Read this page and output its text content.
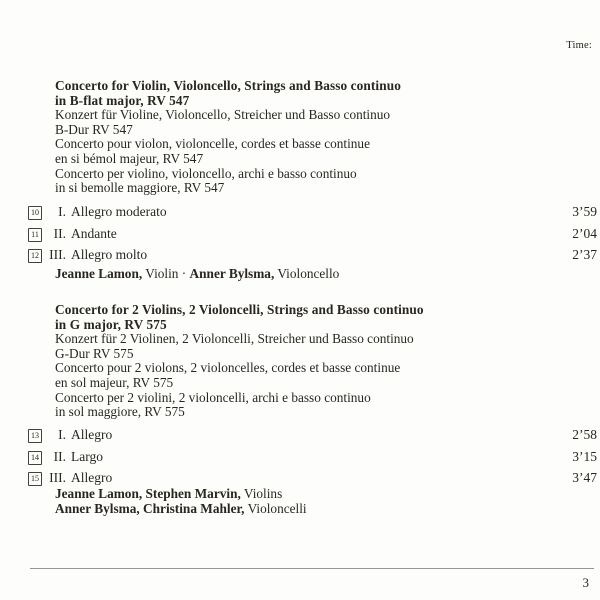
Time:

Concerto for Violin, Violoncello, Strings and Basso continuo

in B-flat major, RV 547

Konzert für Violine, Violoncello, Streicher und Basso continuo

B-Dur RV 547

Concerto pour violon, violoncelle, cordes et basse continue

en si bémol majeur, RV 547

Concerto per violino, violoncello, archi e basso continuo

in si bemolle maggiore, RV 547

10	I. Allegro moderato	3’59
11	II. Andante	2’04
12 III. Allegro molto	2’37

Jeanne Lamon, Violin · Anner Bylsma, Violoncello

Concerto for 2 Violins, 2 Violoncelli, Strings and Basso continuo

in G major, RV 575

Konzert für 2 Violinen, 2 Violoncelli, Streicher und Basso continuo

G-Dur RV 575

Concerto pour 2 violons, 2 violoncelles, cordes et basse continue

en sol majeur, RV 575

Concerto per 2 violini, 2 violoncelli, archi e basso continuo

in sol maggiore, RV 575

13	I. Allegro	2’58
14	II. Largo	3’15
15 III. Allegro	3’47

Jeanne Lamon, Stephen Marvin, Violins

Anner Bylsma, Christina Mahler, Violoncelli

3
